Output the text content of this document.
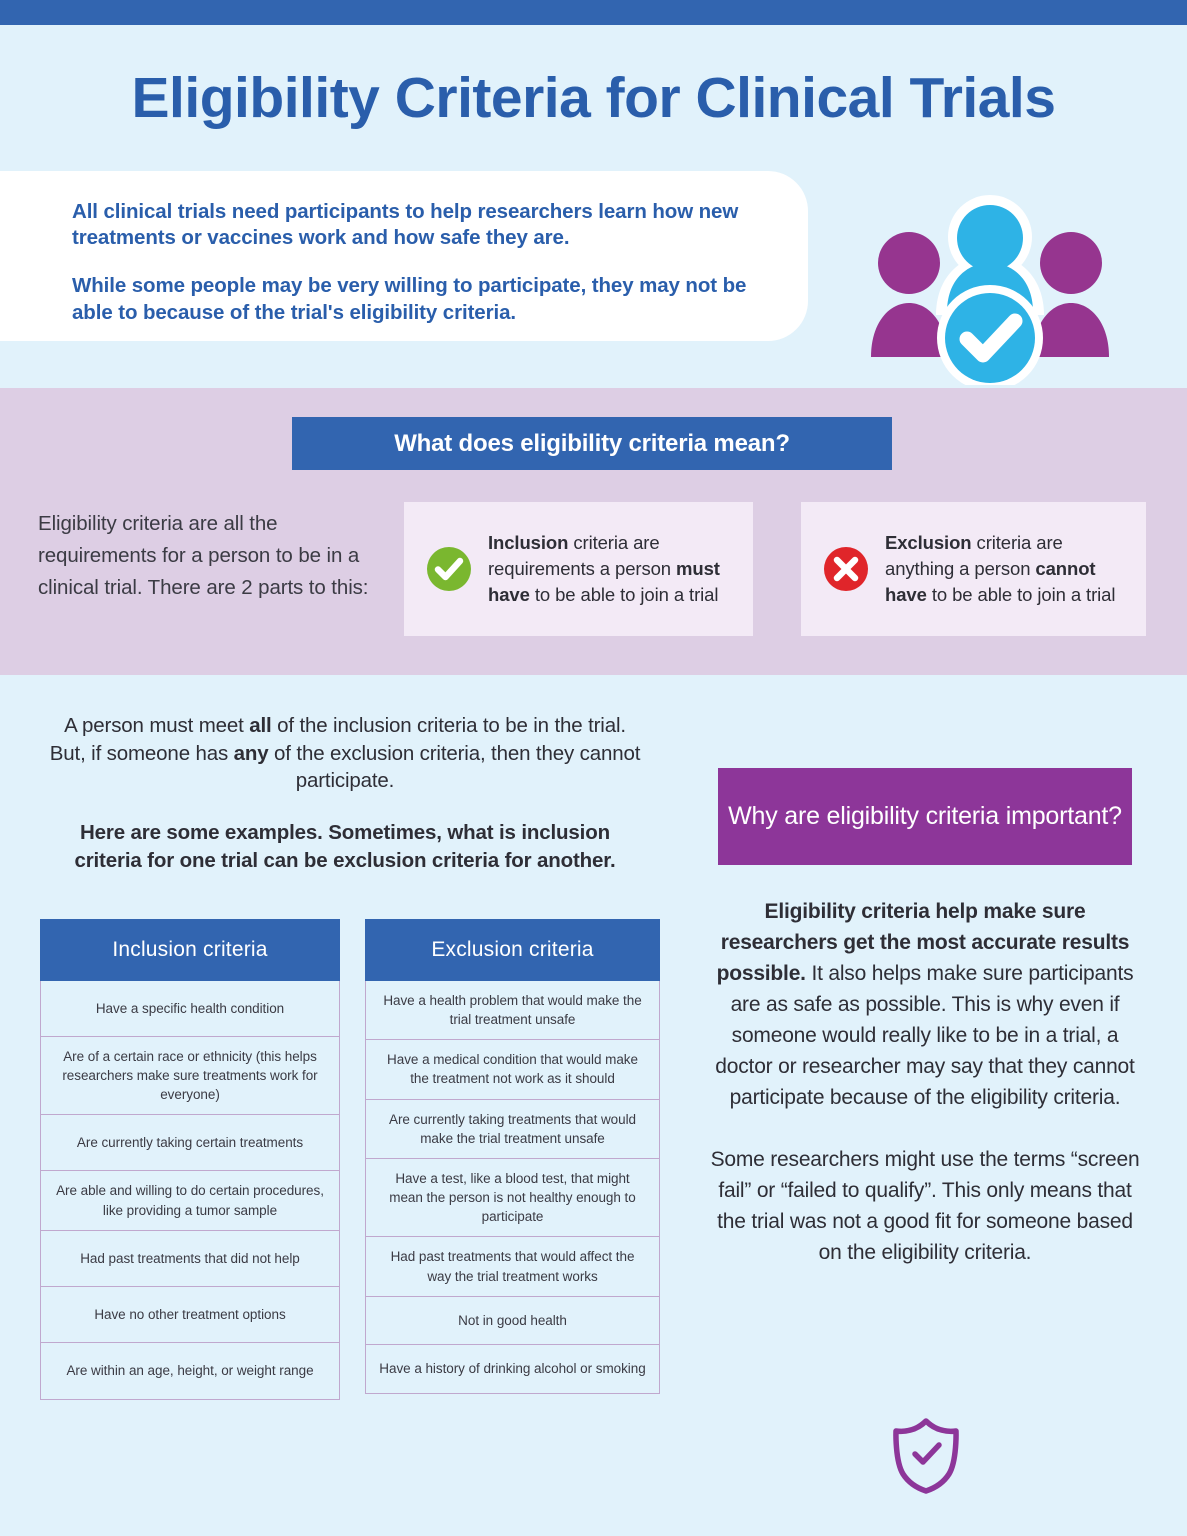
Eligibility Criteria for Clinical Trials

All clinical trials need participants to help researchers learn how new treatments or vaccines work and how safe they are.

While some people may be very willing to participate, they may not be able to because of the trial's eligibility criteria.

What does eligibility criteria mean?
Eligibility criteria are all the requirements for a person to be in a clinical trial. There are 2 parts to this:
Inclusion criteria are requirements a person must have to be able to join a trial
Exclusion criteria are anything a person cannot have to be able to join a trial

A person must meet all of the inclusion criteria to be in the trial. But, if someone has any of the exclusion criteria, then they cannot participate.

Here are some examples. Sometimes, what is inclusion criteria for one trial can be exclusion criteria for another.

Inclusion criteria
Have a specific health condition
Are of a certain race or ethnicity (this helps researchers make sure treatments work for everyone)
Are currently taking certain treatments
Are able and willing to do certain procedures, like providing a tumor sample
Had past treatments that did not help
Have no other treatment options
Are within an age, height, or weight range
Exclusion criteria
Have a health problem that would make the trial treatment unsafe
Have a medical condition that would make the treatment not work as it should
Are currently taking treatments that would make the trial treatment unsafe
Have a test, like a blood test, that might mean the person is not healthy enough to participate
Had past treatments that would affect the way the trial treatment works
Not in good health
Have a history of drinking alcohol or smoking
Why are eligibility criteria important?

Eligibility criteria help make sure researchers get the most accurate results possible. It also helps make sure participants are as safe as possible. This is why even if someone would really like to be in a trial, a doctor or researcher may say that they cannot participate because of the eligibility criteria.

Some researchers might use the terms “screen fail” or “failed to qualify”. This only means that the trial was not a good fit for someone based on the eligibility criteria.
